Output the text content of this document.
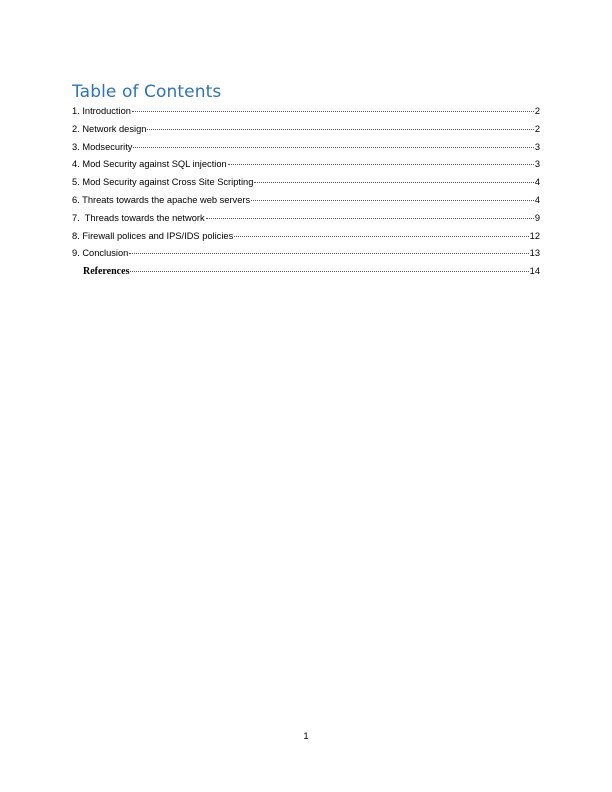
Table of Contents
1. Introduction	2
2. Network design	2
3. Modsecurity	3
4. Mod Security against SQL injection	3
5. Mod Security against Cross Site Scripting	4
6. Threats towards the apache web servers	4
7.  Threads towards the network	9
8. Firewall polices and IPS/IDS policies	12
9. Conclusion	13
References	14
1
